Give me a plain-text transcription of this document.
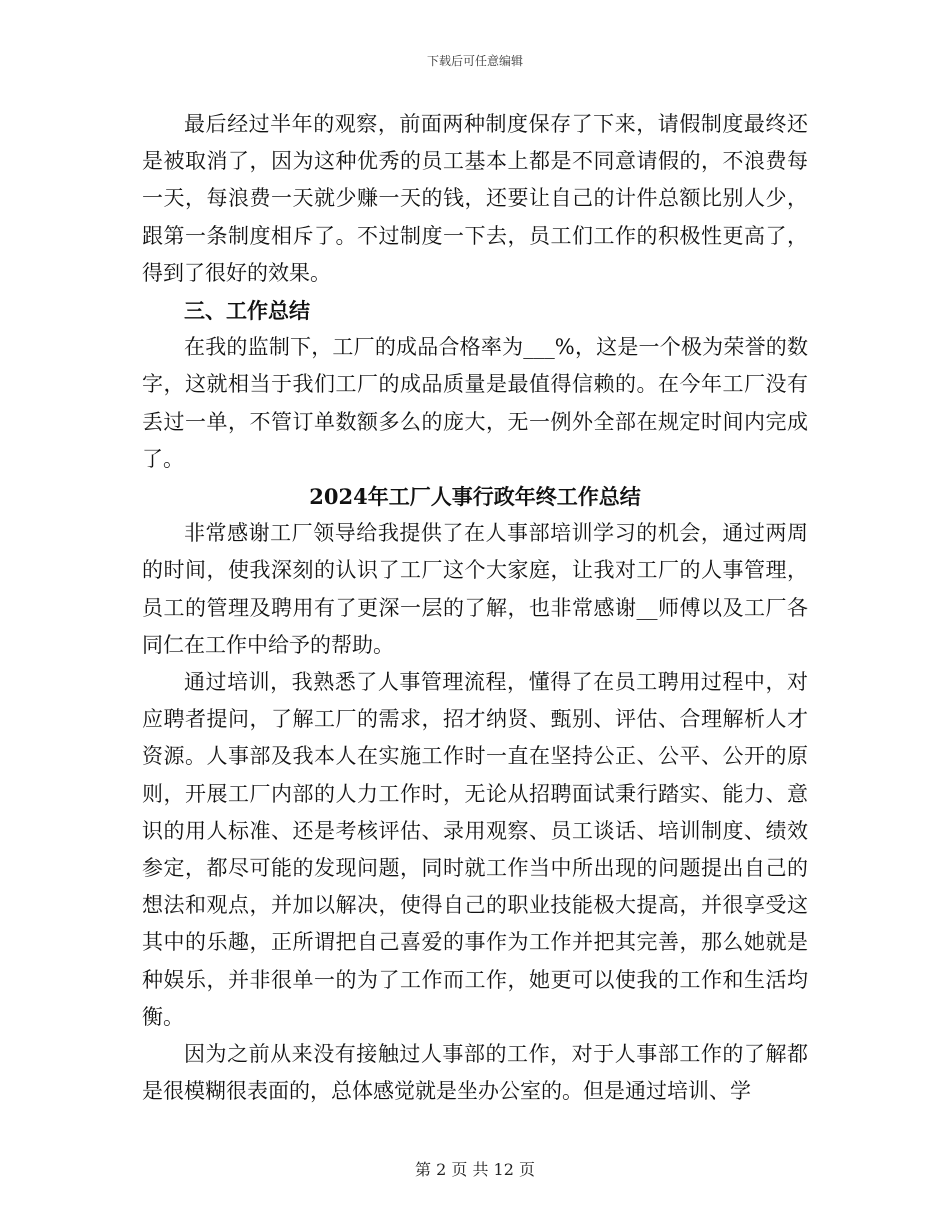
下载后可任意编辑

最后经过半年的观察，前面两种制度保存了下来，请假制度最终还是被取消了，因为这种优秀的员工基本上都是不同意请假的，不浪费每一天，每浪费一天就少赚一天的钱，还要让自己的计件总额比别人少，跟第一条制度相斥了。不过制度一下去，员工们工作的积极性更高了，得到了很好的效果。

三、工作总结

在我的监制下，工厂的成品合格率为___%，这是一个极为荣誉的数字，这就相当于我们工厂的成品质量是最值得信赖的。在今年工厂没有丢过一单，不管订单数额多么的庞大，无一例外全部在规定时间内完成了。

2024年工厂人事行政年终工作总结

非常感谢工厂领导给我提供了在人事部培训学习的机会，通过两周的时间，使我深刻的认识了工厂这个大家庭，让我对工厂的人事管理，员工的管理及聘用有了更深一层的了解，也非常感谢__师傅以及工厂各同仁在工作中给予的帮助。

通过培训，我熟悉了人事管理流程，懂得了在员工聘用过程中，对应聘者提问，了解工厂的需求，招才纳贤、甄别、评估、合理解析人才资源。人事部及我本人在实施工作时一直在坚持公正、公平、公开的原则，开展工厂内部的人力工作时，无论从招聘面试秉行踏实、能力、意识的用人标准、还是考核评估、录用观察、员工谈话、培训制度、绩效参定，都尽可能的发现问题，同时就工作当中所出现的问题提出自己的想法和观点，并加以解决，使得自己的职业技能极大提高，并很享受这其中的乐趣，正所谓把自己喜爱的事作为工作并把其完善，那么她就是种娱乐，并非很单一的为了工作而工作，她更可以使我的工作和生活均衡。

因为之前从来没有接触过人事部的工作，对于人事部工作的了解都是很模糊很表面的，总体感觉就是坐办公室的。但是通过培训、学

第 2 页 共 12 页
